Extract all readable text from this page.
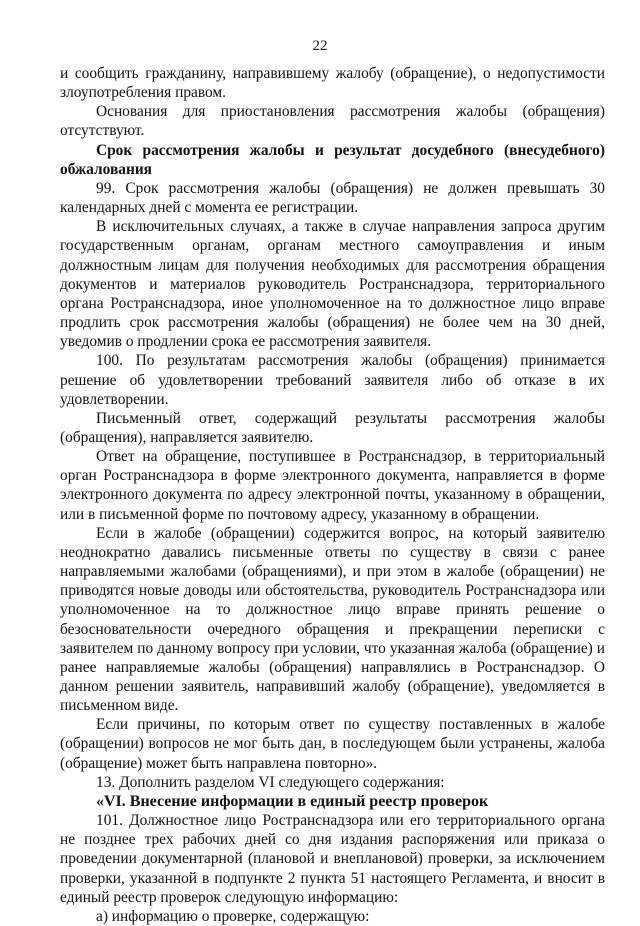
22

и сообщить гражданину, направившему жалобу (обращение), о недопустимости злоупотребления правом.

Основания для приостановления рассмотрения жалобы (обращения) отсутствуют.

Срок рассмотрения жалобы и результат досудебного (внесудебного) обжалования

99. Срок рассмотрения жалобы (обращения) не должен превышать 30 календарных дней с момента ее регистрации.

В исключительных случаях, а также в случае направления запроса другим государственным органам, органам местного самоуправления и иным должностным лицам для получения необходимых для рассмотрения обращения документов и материалов руководитель Ространснадзора, территориального органа Ространснадзора, иное уполномоченное на то должностное лицо вправе продлить срок рассмотрения жалобы (обращения) не более чем на 30 дней, уведомив о продлении срока ее рассмотрения заявителя.

100. По результатам рассмотрения жалобы (обращения) принимается решение об удовлетворении требований заявителя либо об отказе в их удовлетворении.

Письменный ответ, содержащий результаты рассмотрения жалобы (обращения), направляется заявителю.

Ответ на обращение, поступившее в Ространснадзор, в территориальный орган Ространснадзора в форме электронного документа, направляется в форме электронного документа по адресу электронной почты, указанному в обращении, или в письменной форме по почтовому адресу, указанному в обращении.

Если в жалобе (обращении) содержится вопрос, на который заявителю неоднократно давались письменные ответы по существу в связи с ранее направляемыми жалобами (обращениями), и при этом в жалобе (обращении) не приводятся новые доводы или обстоятельства, руководитель Ространснадзора или уполномоченное на то должностное лицо вправе принять решение о безосновательности очередного обращения и прекращении переписки с заявителем по данному вопросу при условии, что указанная жалоба (обращение) и ранее направляемые жалобы (обращения) направлялись в Ространснадзор. О данном решении заявитель, направивший жалобу (обращение), уведомляется в письменном виде.

Если причины, по которым ответ по существу поставленных в жалобе (обращении) вопросов не мог быть дан, в последующем были устранены, жалоба (обращение) может быть направлена повторно».

13. Дополнить разделом VI следующего содержания:

«VI. Внесение информации в единый реестр проверок

101. Должностное лицо Ространснадзора или его территориального органа не позднее трех рабочих дней со дня издания распоряжения или приказа о проведении документарной (плановой и внеплановой) проверки, за исключением проверки, указанной в подпункте 2 пункта 51 настоящего Регламента, и вносит в единый реестр проверок следующую информацию:

а) информацию о проверке, содержащую:
